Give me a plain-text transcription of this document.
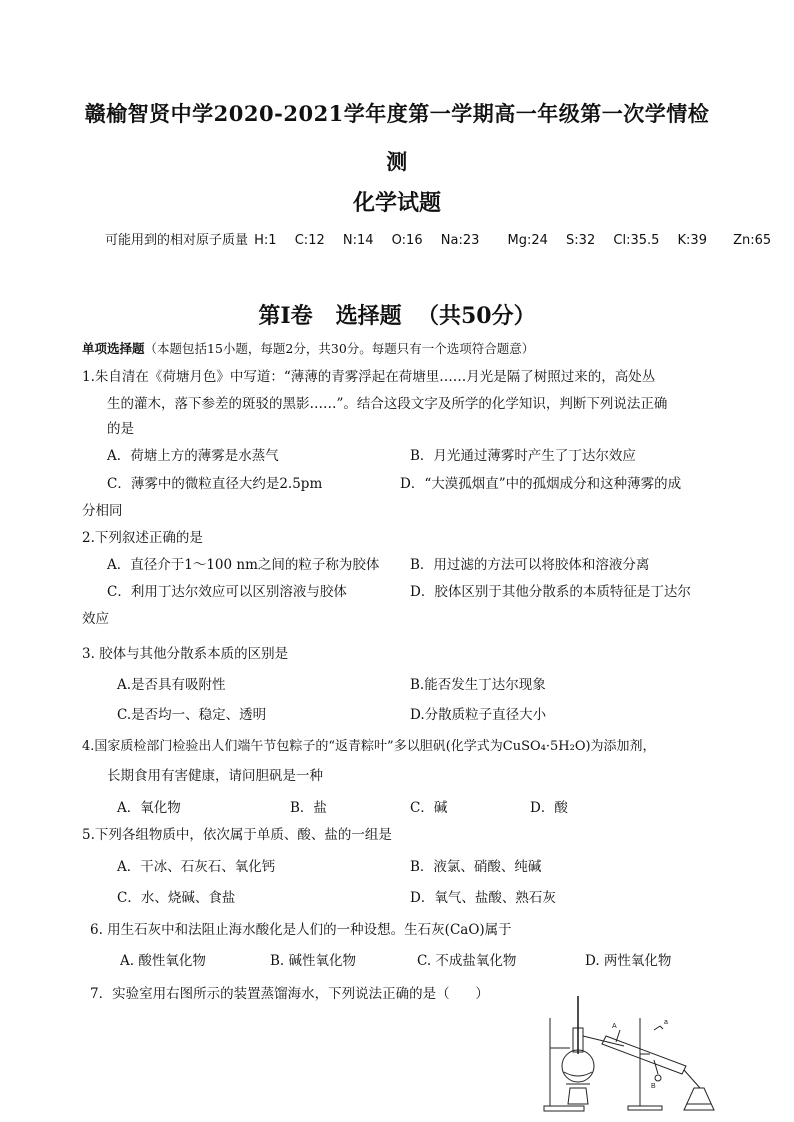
赣榆智贤中学2020-2021学年度第一学期高一年级第一次学情检
测
化学试题
可能用到的相对原子质量 H:1 C:12 N:14 O:16 Na:23 Mg:24 S:32 Cl:35.5 K:39 Zn:65
第Ⅰ卷   选择题  （共50分）
单项选择题（本题包括15小题，每题2分，共30分。每题只有一个选项符合题意）
1.朱自清在《荷塘月色》中写道：“薄薄的青雾浮起在荷塘里……月光是隔了树照过来的，高处丛
生的灌木，落下参差的斑驳的黑影……”。结合这段文字及所学的化学知识，判断下列说法正确
的是
A．荷塘上方的薄雾是水蒸气	B．月光通过薄雾时产生了丁达尔效应
C．薄雾中的微粒直径大约是2.5pm	D．“大漠孤烟直”中的孤烟成分和这种薄雾的成
分相同
2.下列叙述正确的是
A．直径介于1～100 nm之间的粒子称为胶体 B．用过滤的方法可以将胶体和溶液分离
C．利用丁达尔效应可以区别溶液与胶体	D．胶体区别于其他分散系的本质特征是丁达尔
效应
3. 胶体与其他分散系本质的区别是
A.是否具有吸附性	B.能否发生丁达尔现象
C.是否均一、稳定、透明	D.分散质粒子直径大小
4.国家质检部门检验出人们端午节包粽子的“返青粽叶”多以胆矾(化学式为CuSO₄·5H₂O)为添加剂，
长期食用有害健康，请问胆矾是一种
A．氧化物	B．盐	C．碱	D．酸
5.下列各组物质中，依次属于单质、酸、盐的一组是
A．干冰、石灰石、氧化钙	B．液氯、硝酸、纯碱
C．水、烧碱、食盐	D．氧气、盐酸、熟石灰
6. 用生石灰中和法阻止海水酸化是人们的一种设想。生石灰(CaO)属于
A. 酸性氧化物	B. 碱性氧化物	C. 不成盐氧化物	D. 两性氧化物
7．实验室用右图所示的装置蒸馏海水，下列说法正确的是（      ）
A
B
a
